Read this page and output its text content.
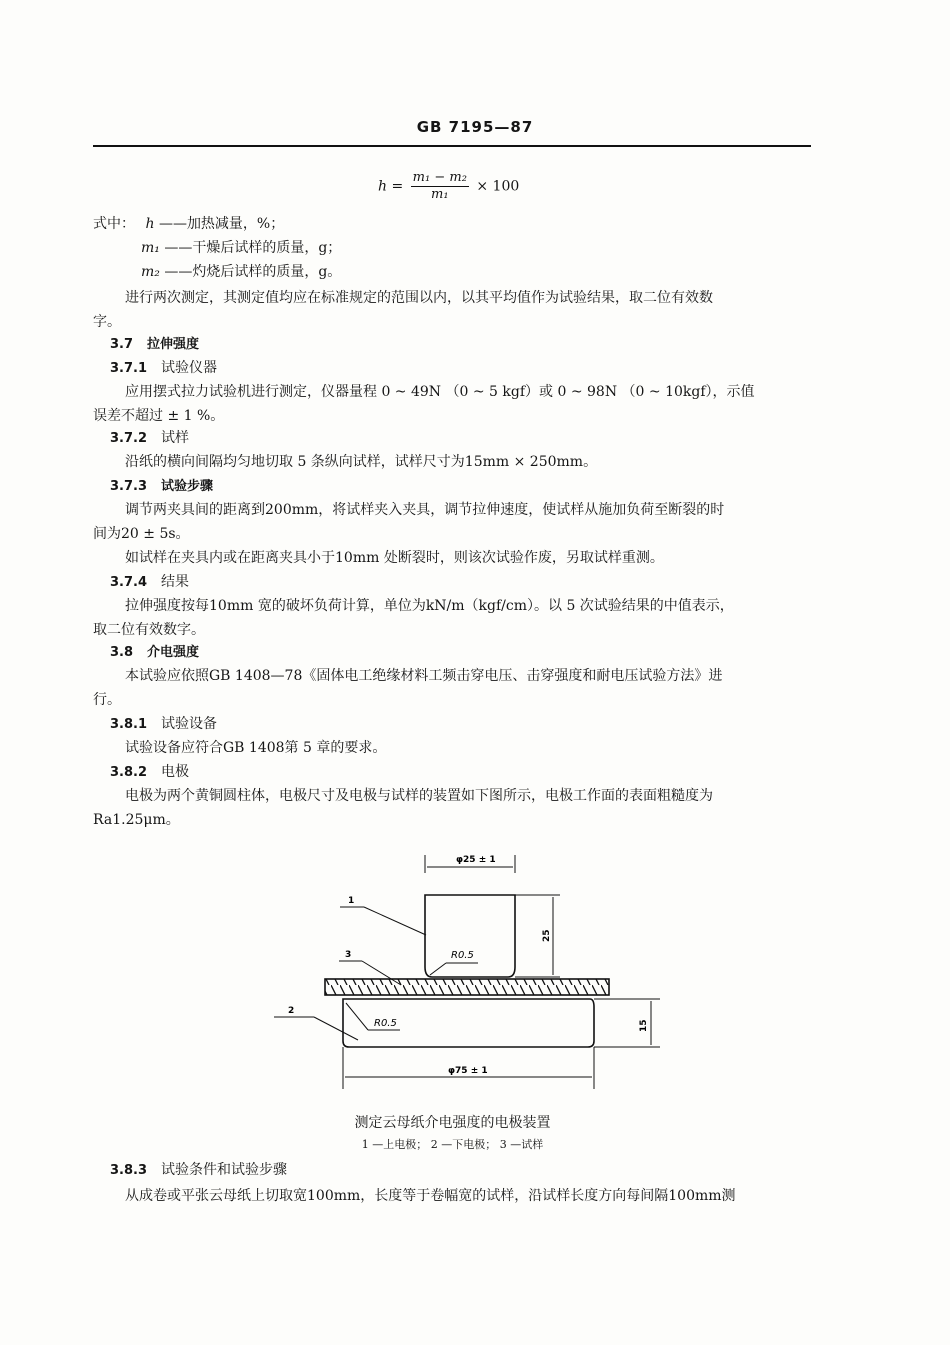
GB 7195—87
$h = \frac{\text{m₁ − m₂}}{\text{m₁}} \times 100$
式中： h ——加热减量，%；
m₁ ——干燥后试样的质量，g；
m₂ ——灼烧后试样的质量，g。
进行两次测定，其测定值均应在标准规定的范围以内，以其平均值作为试验结果，取二位有效数
字。
3.7 拉伸强度
3.7.1 试验仪器
应用摆式拉力试验机进行测定，仪器量程 0 ~ 49N （0 ~ 5 kgf）或 0 ~ 98N （0 ~ 10kgf），示值
误差不超过 ± 1 %。
3.7.2 试样
沿纸的横向间隔均匀地切取 5 条纵向试样，试样尺寸为15mm × 250mm。
3.7.3 试验步骤
调节两夹具间的距离到200mm，将试样夹入夹具，调节拉伸速度，使试样从施加负荷至断裂的时
间为20 ± 5s。
如试样在夹具内或在距离夹具小于10mm 处断裂时，则该次试验作废，另取试样重测。
3.7.4 结果
拉伸强度按每10mm 宽的破坏负荷计算，单位为kN/m（kgf/cm）。以 5 次试验结果的中值表示，
取二位有效数字。
3.8 介电强度
本试验应依照GB 1408—78《固体电工绝缘材料工频击穿电压、击穿强度和耐电压试验方法》进
行。
3.8.1 试验设备
试验设备应符合GB 1408第 5 章的要求。
3.8.2 电极
电极为两个黄铜圆柱体，电极尺寸及电极与试样的装置如下图所示，电极工作面的表面粗糙度为
Ra1.25μm。
φ25 ± 1
25
R0.5
R0.5	15
φ75 ± 1
1
3
2
测定云母纸介电强度的电极装置
1 —上电极； 2 —下电极； 3 —试样
3.8.3 试验条件和试验步骤
从成卷或平张云母纸上切取宽100mm，长度等于卷幅宽的试样，沿试样长度方向每间隔100mm测
